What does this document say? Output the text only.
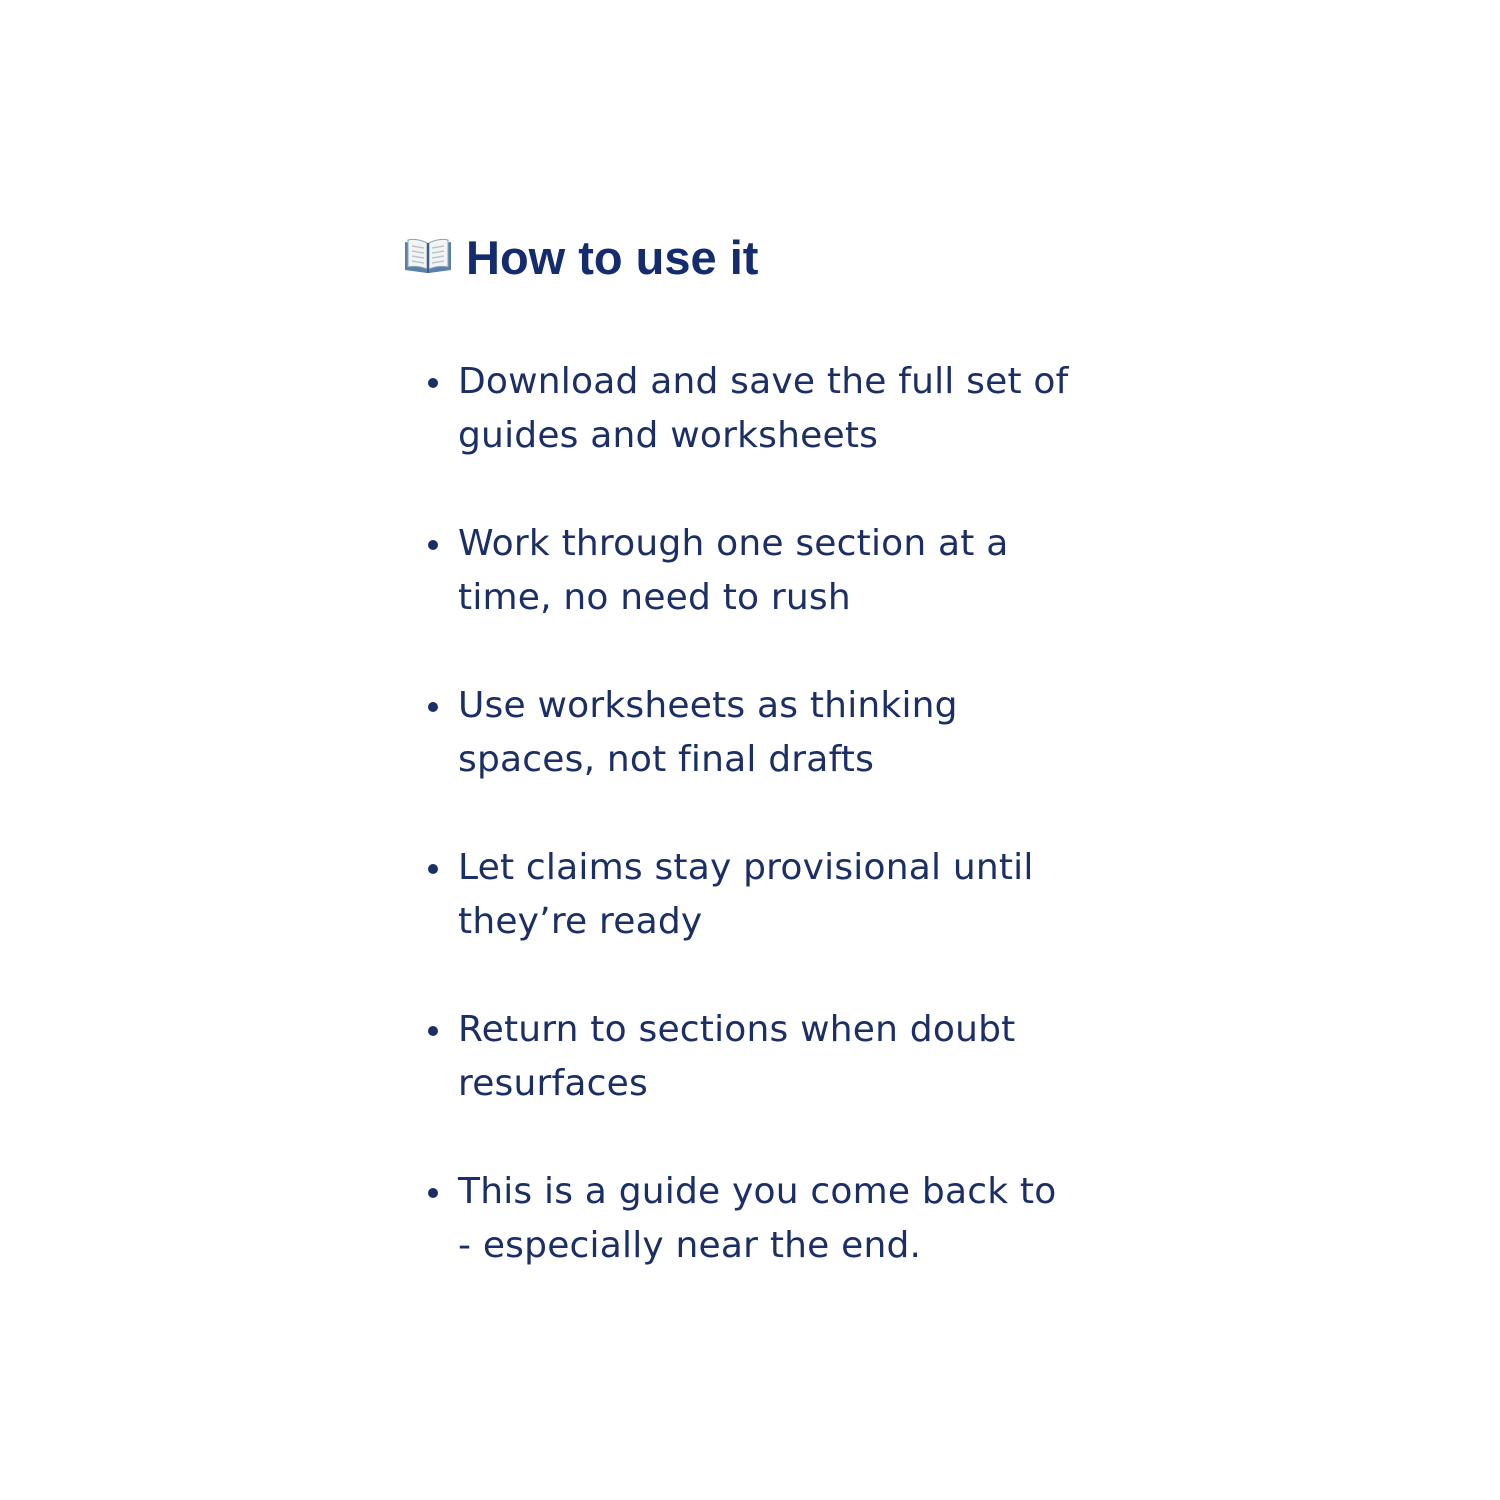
How to use it
Download and save the full set of
guides and worksheets
Work through one section at a
time, no need to rush
Use worksheets as thinking
spaces, not final drafts
Let claims stay provisional until
they’re ready
Return to sections when doubt
resurfaces
This is a guide you come back to
- especially near the end.
